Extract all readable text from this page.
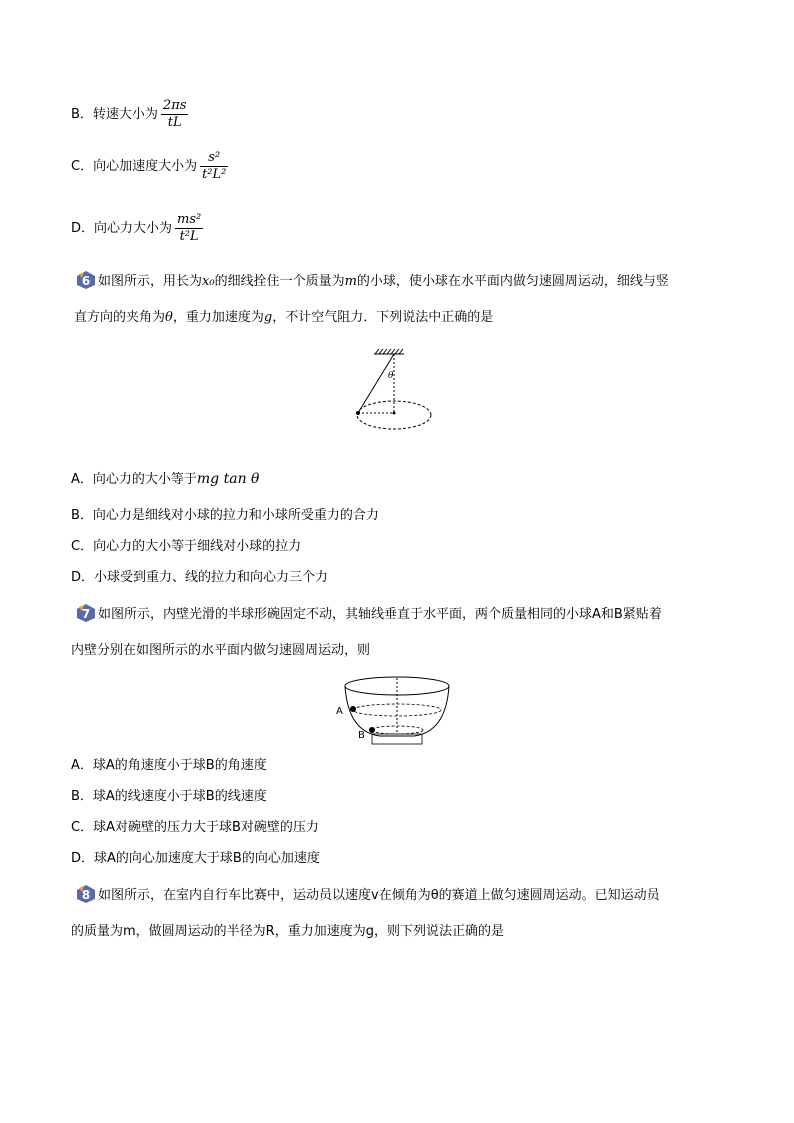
B．转速大小为 $\frac{2\pi s}{tL}$
C．向心加速度大小为 $\frac{\text{s²}}{\text{t²L²}}$
D．向心力大小为 $\frac{\text{ms²}}{\text{t²L}}$
6 如图所示，用长为x₀的细线拴住一个质量为m的小球，使小球在水平面内做匀速圆周运动，细线与竖
直方向的夹角为θ，重力加速度为g，不计空气阻力．下列说法中正确的是
θ
A．向心力的大小等于mg tan θ
B．向心力是细线对小球的拉力和小球所受重力的合力
C．向心力的大小等于细线对小球的拉力
D．小球受到重力、线的拉力和向心力三个力
7 如图所示，内壁光滑的半球形碗固定不动，其轴线垂直于水平面，两个质量相同的小球A和B紧贴着
内壁分别在如图所示的水平面内做匀速圆周运动，则
A
B
A．球A的角速度小于球B的角速度
B．球A的线速度小于球B的线速度
C．球A对碗壁的压力大于球B对碗壁的压力
D．球A的向心加速度大于球B的向心加速度
8 如图所示，在室内自行车比赛中，运动员以速度v在倾角为θ的赛道上做匀速圆周运动。已知运动员
的质量为m，做圆周运动的半径为R，重力加速度为g，则下列说法正确的是
